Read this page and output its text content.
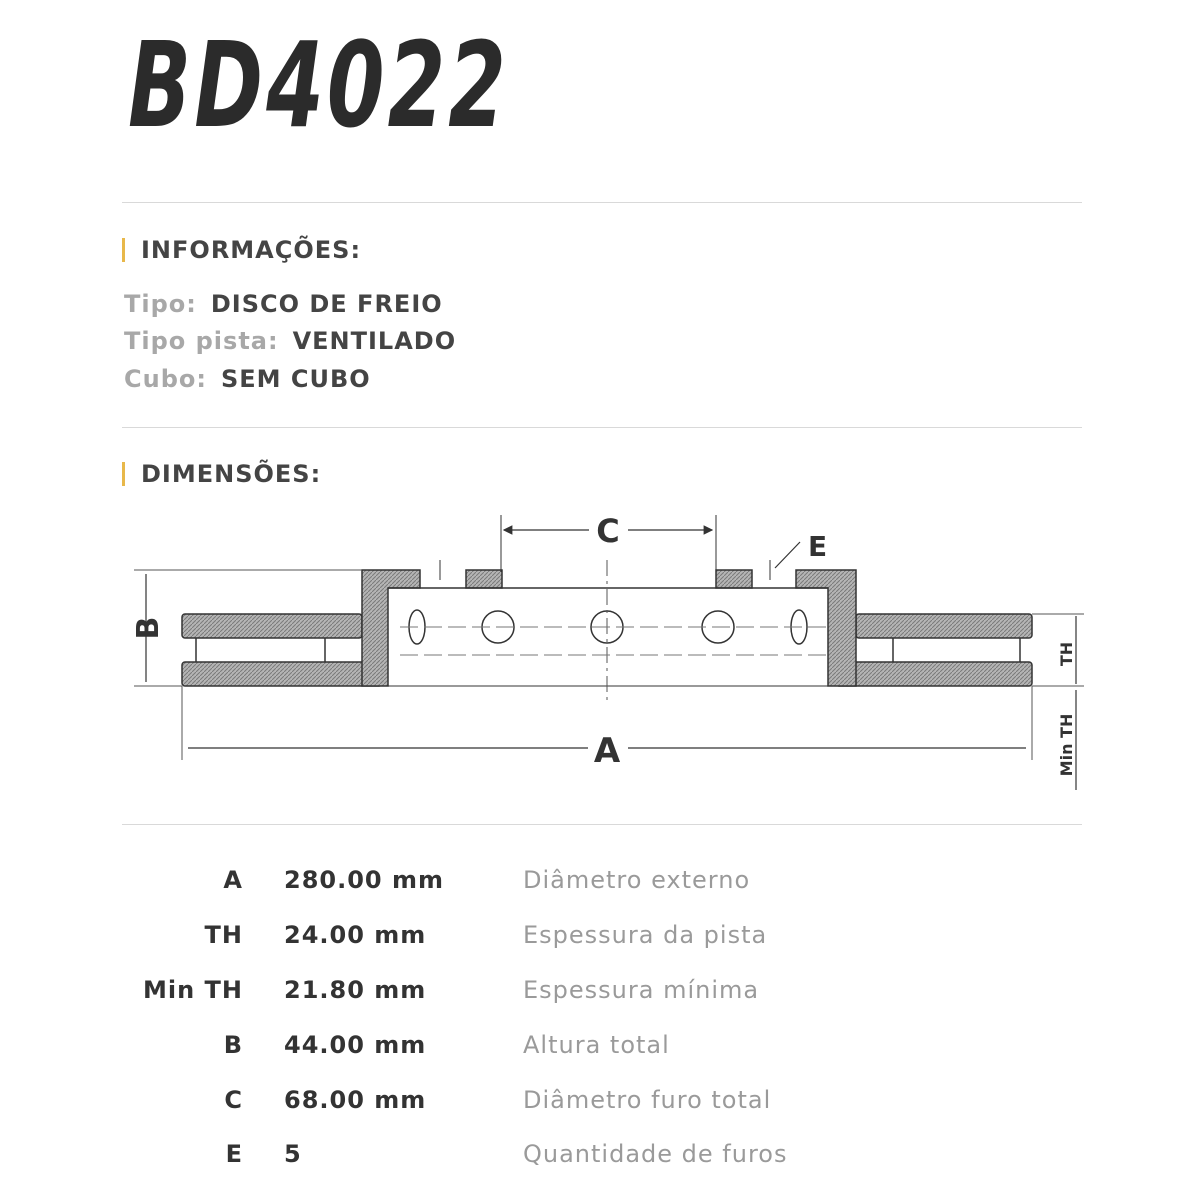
BD4022
INFORMAÇÕES:
Tipo: DISCO DE FREIO
Tipo pista: VENTILADO
Cubo: SEM CUBO
DIMENSÕES:
C	E
B
A
TH
Min TH
A 280.00 mm	Diâmetro externo
TH 24.00 mm	Espessura da pista
Min TH 21.80 mm	Espessura mínima
B 44.00 mm	Altura total
C 68.00 mm	Diâmetro furo total
E 5	Quantidade de furos
